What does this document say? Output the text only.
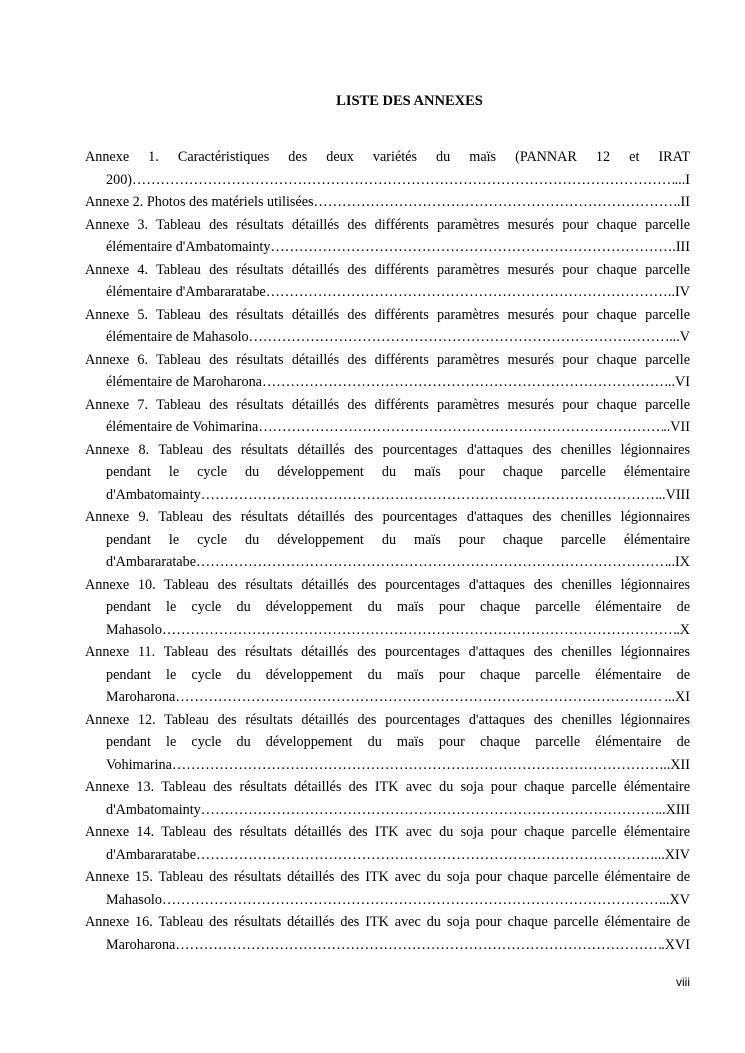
LISTE DES ANNEXES
Annexe 1. Caractéristiques des deux variétés du maïs (PANNAR 12 et IRAT
200) ……………………………………………………………………………………………………………………………………………………………………………………………	...I
Annexe 2. Photos des matériels utilisées ……………………………………………………………………………………………………………………………………………………………………………………………	.II
Annexe 3. Tableau des résultats détaillés des différents paramètres mesurés pour chaque parcelle
élémentaire d'Ambatomainty ……………………………………………………………………………………………………………………………………………………………………………………………	.III
Annexe 4. Tableau des résultats détaillés des différents paramètres mesurés pour chaque parcelle
élémentaire d'Ambararatabe ……………………………………………………………………………………………………………………………………………………………………………………………	..IV
Annexe 5. Tableau des résultats détaillés des différents paramètres mesurés pour chaque parcelle
élémentaire de Mahasolo ……………………………………………………………………………………………………………………………………………………………………………………………	....V
Annexe 6. Tableau des résultats détaillés des différents paramètres mesurés pour chaque parcelle
élémentaire de Maroharona ……………………………………………………………………………………………………………………………………………………………………………………………	...VI
Annexe 7. Tableau des résultats détaillés des différents paramètres mesurés pour chaque parcelle
élémentaire de Vohimarina ……………………………………………………………………………………………………………………………………………………………………………………………	..VII
Annexe 8. Tableau des résultats détaillés des pourcentages d'attaques des chenilles légionnaires
pendant le cycle du développement du maïs pour chaque parcelle élémentaire
d'Ambatomainty ……………………………………………………………………………………………………………………………………………………………………………………………	..VIII
Annexe 9. Tableau des résultats détaillés des pourcentages d'attaques des chenilles légionnaires
pendant le cycle du développement du maïs pour chaque parcelle élémentaire
d'Ambararatabe ……………………………………………………………………………………………………………………………………………………………………………………………	..IX
Annexe 10. Tableau des résultats détaillés des pourcentages d'attaques des chenilles légionnaires
pendant le cycle du développement du maïs pour chaque parcelle élémentaire de
Mahasolo ……………………………………………………………………………………………………………………………………………………………………………………………	.X
Annexe 11. Tableau des résultats détaillés des pourcentages d'attaques des chenilles légionnaires
pendant le cycle du développement du maïs pour chaque parcelle élémentaire de
Maroharona ……………………………………………………………………………………………………………………………………………………………………………………………	...XI
Annexe 12. Tableau des résultats détaillés des pourcentages d'attaques des chenilles légionnaires
pendant le cycle du développement du maïs pour chaque parcelle élémentaire de
Vohimarina ……………………………………………………………………………………………………………………………………………………………………………………………	..XII
Annexe 13. Tableau des résultats détaillés des ITK avec du soja pour chaque parcelle élémentaire
d'Ambatomainty ……………………………………………………………………………………………………………………………………………………………………………………………	..XIII
Annexe 14. Tableau des résultats détaillés des ITK avec du soja pour chaque parcelle élémentaire
d'Ambararatabe ……………………………………………………………………………………………………………………………………………………………………………………………	...XIV
Annexe 15. Tableau des résultats détaillés des ITK avec du soja pour chaque parcelle élémentaire de
Mahasolo ……………………………………………………………………………………………………………………………………………………………………………………………	..XV
Annexe 16. Tableau des résultats détaillés des ITK avec du soja pour chaque parcelle élémentaire de
Maroharona ……………………………………………………………………………………………………………………………………………………………………………………………	.XVI
viii
